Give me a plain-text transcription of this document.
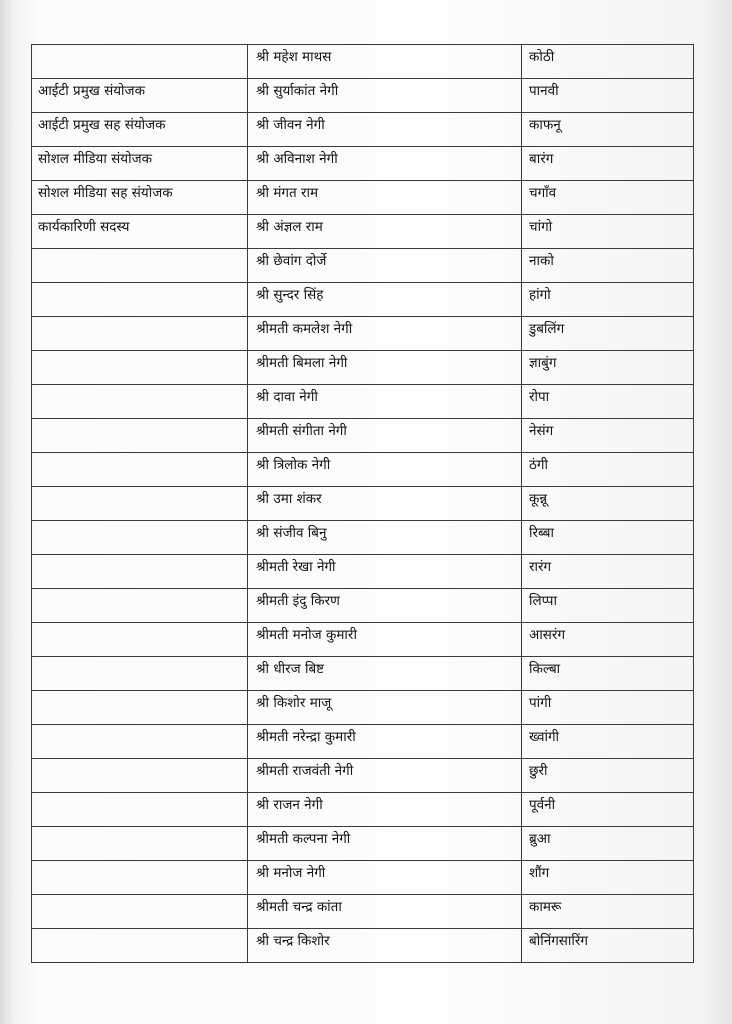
	श्री महेश माथस	कोठी
आईटी प्रमुख संयोजक	श्री सुर्याकांत नेगी	पानवी
आईटी प्रमुख सह संयोजक	श्री जीवन नेगी	काफनू
सोशल मीडिया संयोजक	श्री अविनाश नेगी	बारंग
सोशल मीडिया सह संयोजक	श्री मंगत राम	चगाँव
कार्यकारिणी सदस्य	श्री अंज्ञल राम	चांगो
	श्री छेवांग दोर्जे	नाको
	श्री सुन्दर सिंह	हांगो
	श्रीमती कमलेश नेगी	डुबलिंग
	श्रीमती बिमला नेगी	ज्ञाबुंग
	श्री दावा नेगी	रोपा
	श्रीमती संगीता नेगी	नेसंग
	श्री त्रिलोक नेगी	ठंगी
	श्री उमा शंकर	कून्नू
	श्री संजीव बिनु	रिब्बा
	श्रीमती रेखा नेगी	रारंग
	श्रीमती इंदु किरण	लिप्पा
	श्रीमती मनोज कुमारी	आसरंग
	श्री धीरज बिष्ट	किल्बा
	श्री किशोर माजू	पांगी
	श्रीमती नरेन्द्रा कुमारी	ख्वांगी
	श्रीमती राजवंती नेगी	छुरी
	श्री राजन नेगी	पूर्वनी
	श्रीमती कल्पना नेगी	ब्रुआ
	श्री मनोज नेगी	शौंग
	श्रीमती चन्द्र कांता	कामरू
	श्री चन्द्र किशोर	बोनिंगसारिंग
